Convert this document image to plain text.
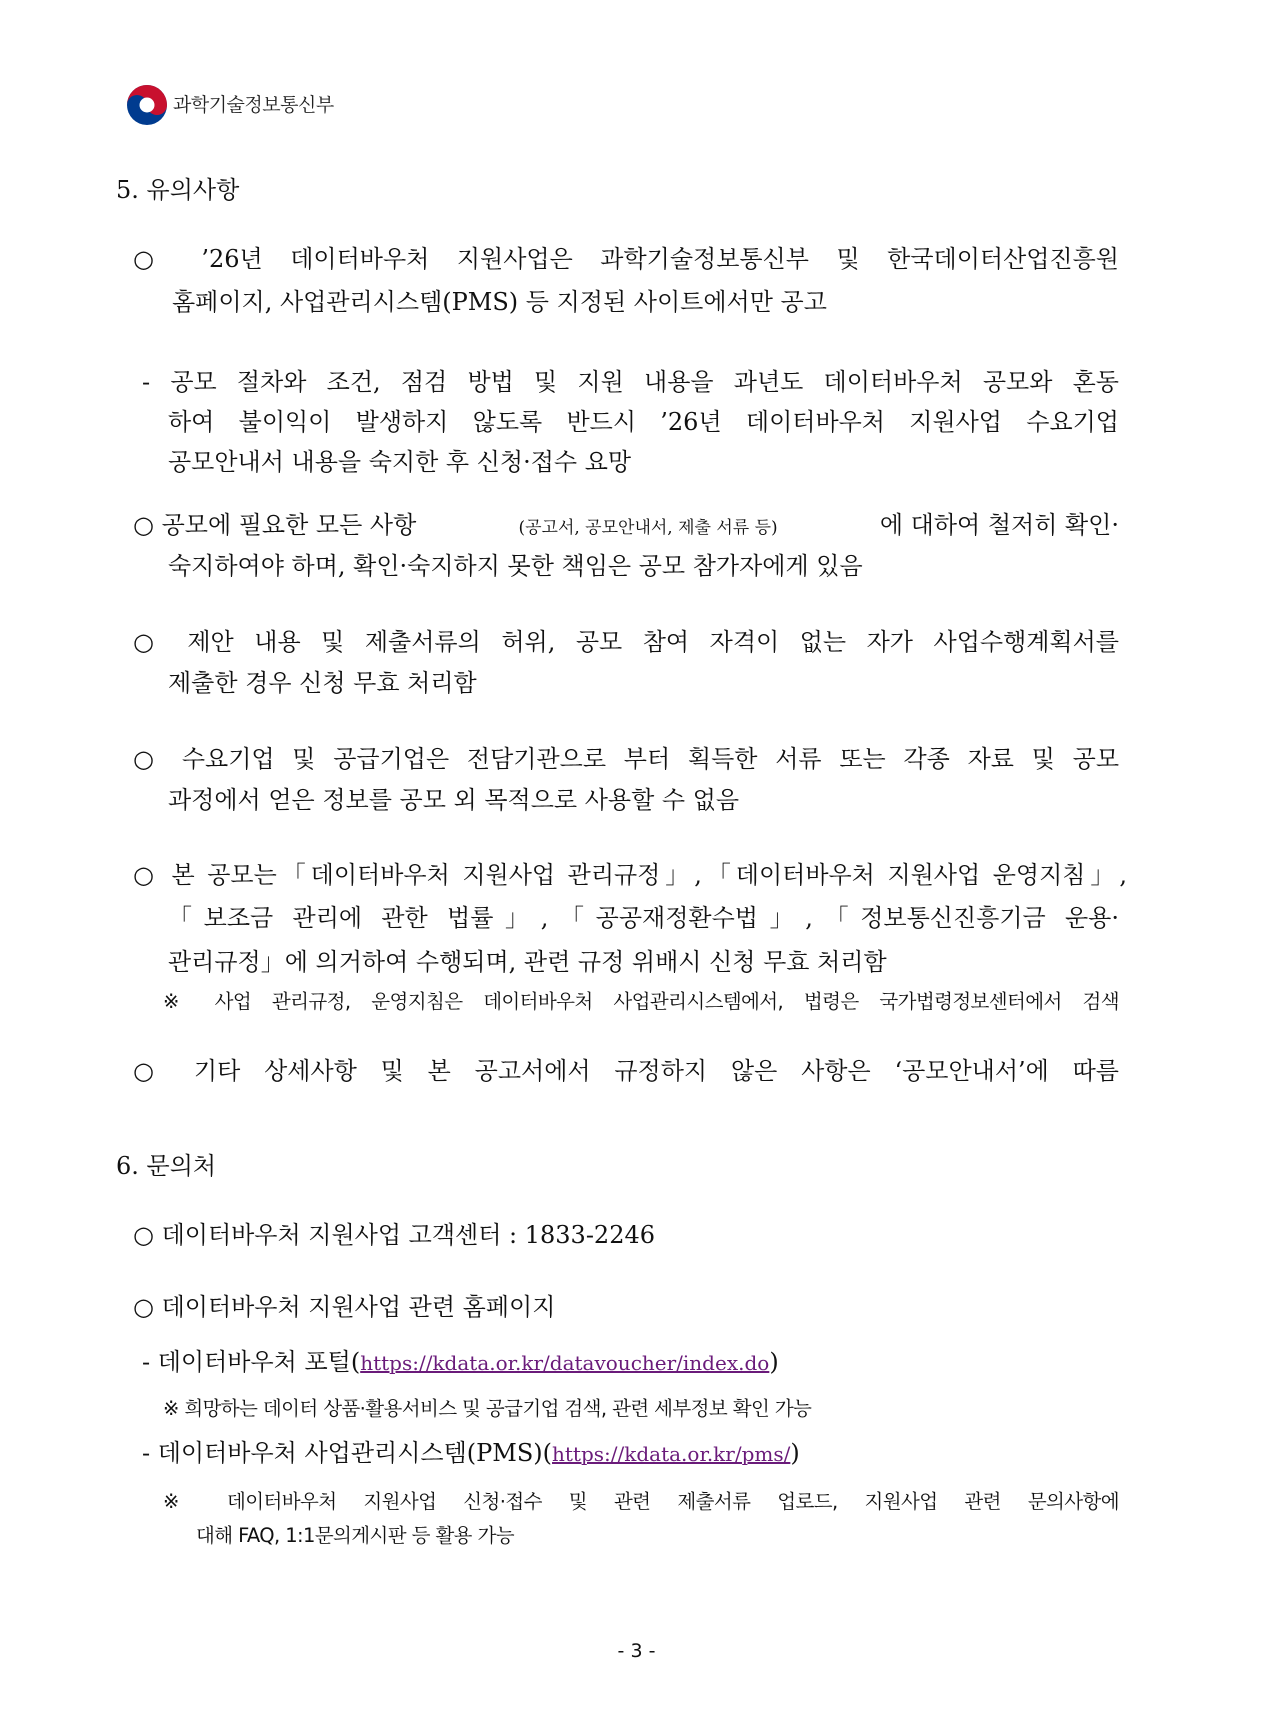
과학기술정보통신부
5. 유의사항
○ ’26년 데이터바우처 지원사업은 과학기술정보통신부 및 한국데이터산업진흥원
홈페이지, 사업관리시스템(PMS) 등 지정된 사이트에서만 공고
- 공모 절차와 조건, 점검 방법 및 지원 내용을 과년도 데이터바우처 공모와 혼동
하여 불이익이 발생하지 않도록 반드시 ’26년 데이터바우처 지원사업 수요기업
공모안내서 내용을 숙지한 후 신청·접수 요망
○ 공모에 필요한 모든 사항	(공고서, 공모안내서, 제출 서류 등)	에 대하여 철저히 확인·
숙지하여야 하며, 확인·숙지하지 못한 책임은 공모 참가자에게 있음
○ 제안 내용 및 제출서류의 허위, 공모 참여 자격이 없는 자가 사업수행계획서를
제출한 경우 신청 무효 처리함
○ 수요기업 및 공급기업은 전담기관으로 부터 획득한 서류 또는 각종 자료 및 공모
과정에서 얻은 정보를 공모 외 목적으로 사용할 수 없음
○ 본 공모는「데이터바우처 지원사업 관리규정」,「데이터바우처 지원사업 운영지침」,
「보조금 관리에 관한 법률」,「공공재정환수법」,「정보통신진흥기금 운용·
관리규정」에 의거하여 수행되며, 관련 규정 위배시 신청 무효 처리함
※ 사업 관리규정, 운영지침은 데이터바우처 사업관리시스템에서, 법령은 국가법령정보센터에서 검색
○ 기타 상세사항 및 본 공고서에서 규정하지 않은 사항은 ‘공모안내서’에 따름
6. 문의처
○ 데이터바우처 지원사업 고객센터 : 1833-2246
○ 데이터바우처 지원사업 관련 홈페이지
- 데이터바우처 포털(https://kdata.or.kr/datavoucher/index.do)
※ 희망하는 데이터 상품·활용서비스 및 공급기업 검색, 관련 세부정보 확인 가능
- 데이터바우처 사업관리시스템(PMS)(https://kdata.or.kr/pms/)
※ 데이터바우처 지원사업 신청·접수 및 관련 제출서류 업로드, 지원사업 관련 문의사항에
대해 FAQ, 1:1문의게시판 등 활용 가능
- 3 -
